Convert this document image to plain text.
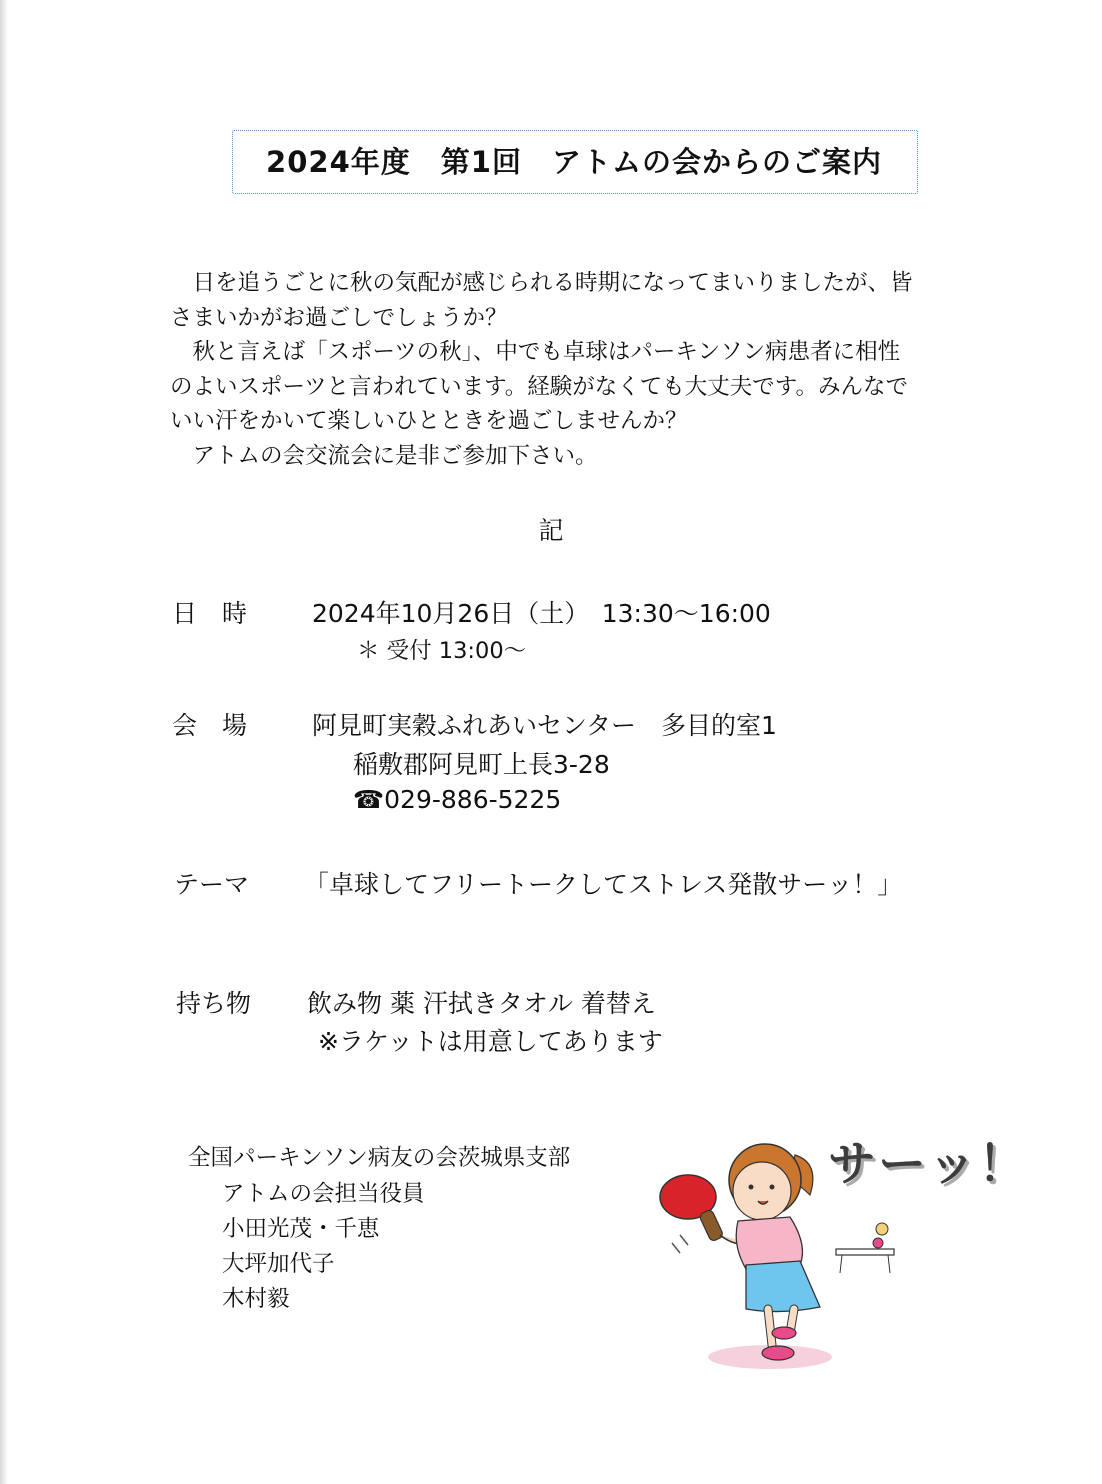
2024年度　第1回　アトムの会からのご案内

　日を追うごとに秋の気配が感じられる時期になってまいりましたが、皆

さまいかがお過ごしでしょうか？

　秋と言えば「スポーツの秋」、中でも卓球はパーキンソン病患者に相性

のよいスポーツと言われています。経験がなくても大丈夫です。みんなで

いい汗をかいて楽しいひとときを過ごしませんか？

　アトムの会交流会に是非ご参加下さい。

記
日　時	2024年10月26日（土）　13:30～16:00
＊ 受付 13:00～
会　場	阿見町実穀ふれあいセンター　多目的室1
稲敷郡阿見町上長3-28
☎029-886-5225
テーマ 「卓球してフリートークしてストレス発散サーッ！」
持ち物 飲み物 薬 汗拭きタオル 着替え
※ラケットは用意してあります
全国パーキンソン病友の会茨城県支部
アトムの会担当役員
小田光茂・千恵
大坪加代子
木村毅
サーッ！
